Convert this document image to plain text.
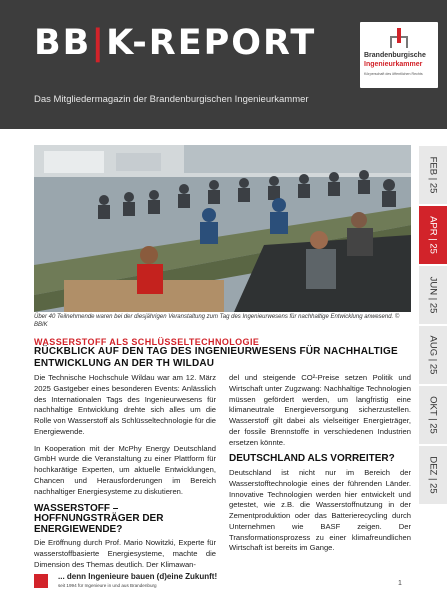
BB|K-REPORT
Das Mitgliedermagazin der Brandenburgischen Ingenieurkammer
Brandenburgische
Ingenieurkammer
Körperschaft des öffentlichen Rechts
FEB | 25
APR | 25
JUN | 25
AUG | 25
OKT | 25
DEZ | 25
Über 40 Teilnehmende waren bei der diesjährigen Veranstaltung zum Tag des Ingenieurwesens für nachhaltige Entwicklung anwesend. © BBIK
WASSERSTOFF ALS SCHLÜSSELTECHNOLOGIE
RÜCKBLICK AUF DEN TAG DES INGENIEURWESENS FÜR NACHHALTIGE ENTWICKLUNG AN DER TH WILDAU

Die Technische Hochschule Wildau war am 12. März 2025 Gastgeber eines besonderen Events: Anlässlich des Internationalen Tags des Ingenieurwesens für nachhaltige Entwicklung drehte sich alles um die Rolle von Wasserstoff als Schlüsseltechnologie für die Energiewende.

In Kooperation mit der McPhy Energy Deutschland GmbH wurde die Veranstaltung zu einer Plattform für hochkarätige Experten, um aktuelle Entwicklungen, Chancen und Herausforderungen im Bereich nachhaltiger Energiesysteme zu diskutieren.

WASSERSTOFF – HOFFNUNGSTRÄGER DER ENERGIEWENDE?

Die Eröffnung durch Prof. Mario Nowitzki, Experte für wasserstoffbasierte Energiesysteme, machte die Dimension des Themas deutlich. Der Klimawan-

del und steigende CO²-Preise setzen Politik und Wirtschaft unter Zugzwang: Nachhaltige Technologien müssen gefördert werden, um langfristig eine klimaneutrale Energieversorgung sicherzustellen. Wasserstoff gilt dabei als vielseitiger Energieträger, der fossile Brennstoffe in verschiedenen Industrien ersetzen könnte.

DEUTSCHLAND ALS VORREITER?

Deutschland ist nicht nur im Bereich der Wasserstofftechnologie eines der führenden Länder. Innovative Technologien werden hier entwickelt und getestet, wie z.B. die Wasserstoffnutzung in der Zementproduktion oder das Batterierecycling durch Unternehmen wie BASF zeigen. Der Transformationsprozess zu einer klimafreundlichen Wirtschaft ist bereits im Gange.

... denn Ingenieure bauen (d)eine Zukunft!
seit 1994 für Ingenieure in und aus Brandenburg	1
